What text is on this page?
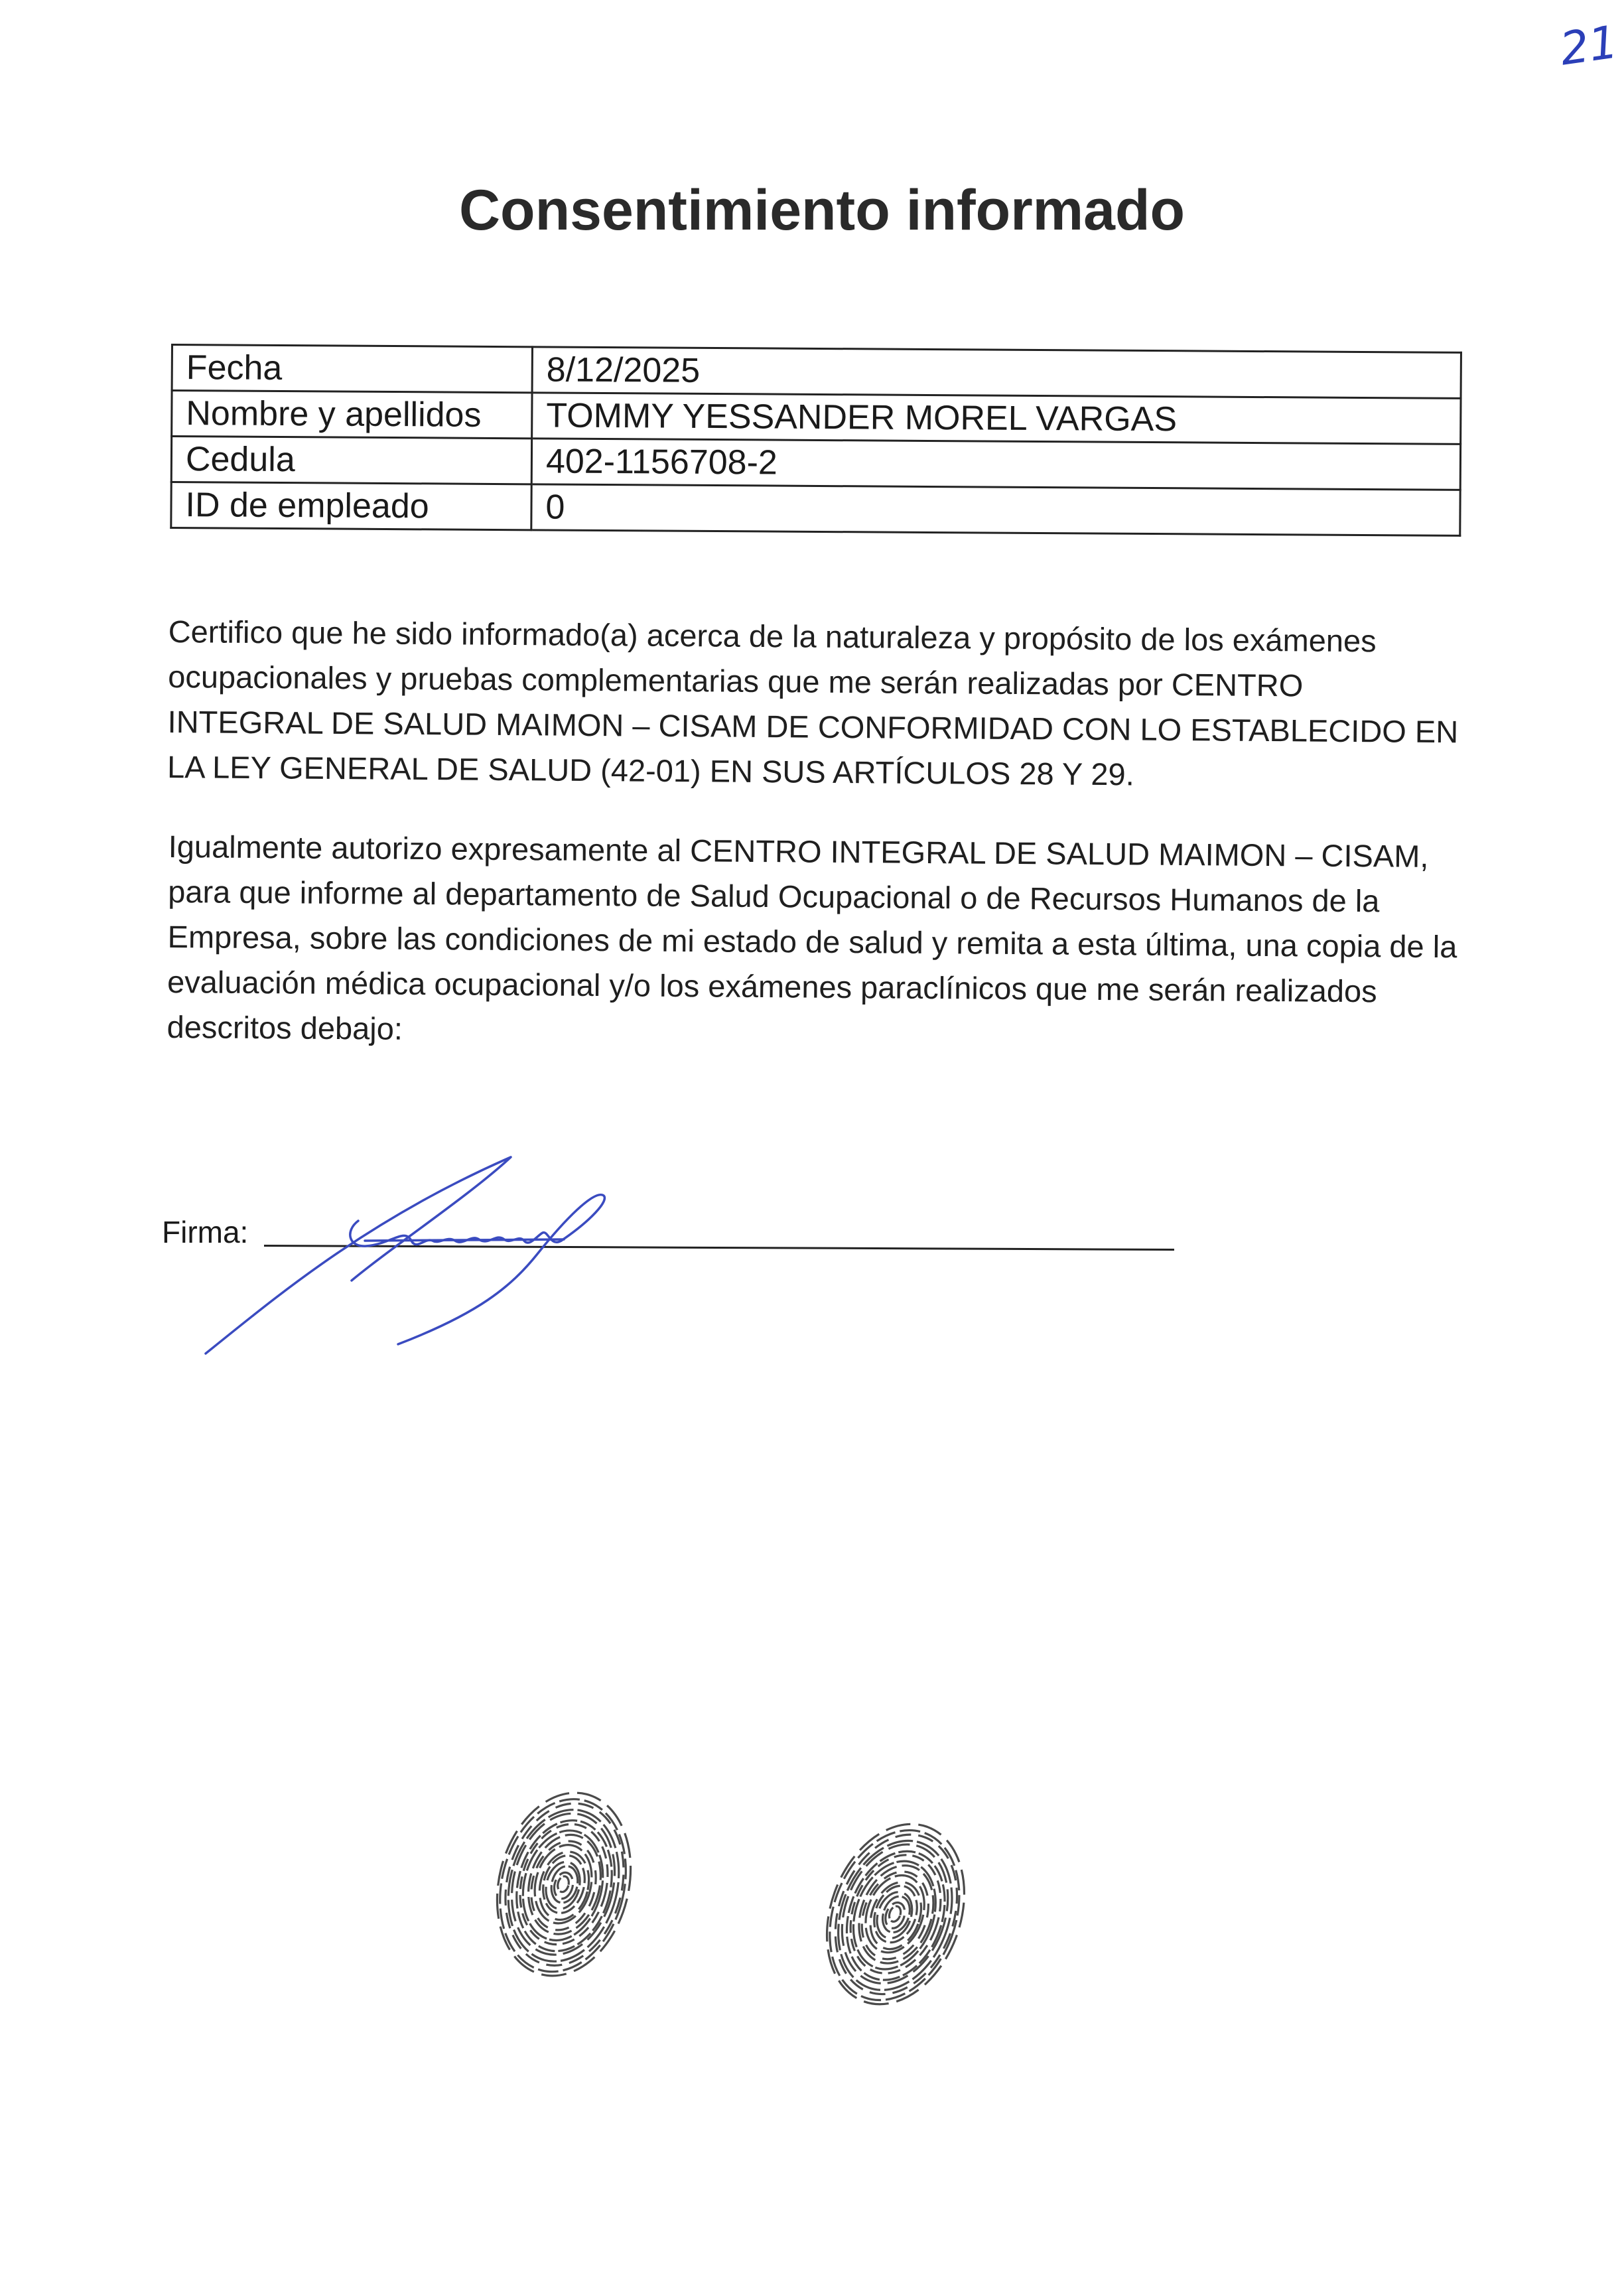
21
Consentimiento informado
Fecha	8/12/2025
Nombre y apellidos	TOMMY YESSANDER MOREL VARGAS
Cedula	402-1156708-2
ID de empleado	0

Certifico que he sido informado(a) acerca de la naturaleza y propósito de los exámenes ocupacionales y pruebas complementarias que me serán realizadas por CENTRO INTEGRAL DE SALUD MAIMON – CISAM DE CONFORMIDAD CON LO ESTABLECIDO EN LA LEY GENERAL DE SALUD (42-01) EN SUS ARTÍCULOS 28 Y 29.

Igualmente autorizo expresamente al CENTRO INTEGRAL DE SALUD MAIMON – CISAM, para que informe al departamento de Salud Ocupacional o de Recursos Humanos de la Empresa, sobre las condiciones de mi estado de salud y remita a esta última, una copia de la evaluación médica ocupacional y/o los exámenes paraclínicos que me serán realizados descritos debajo:

Firma:
